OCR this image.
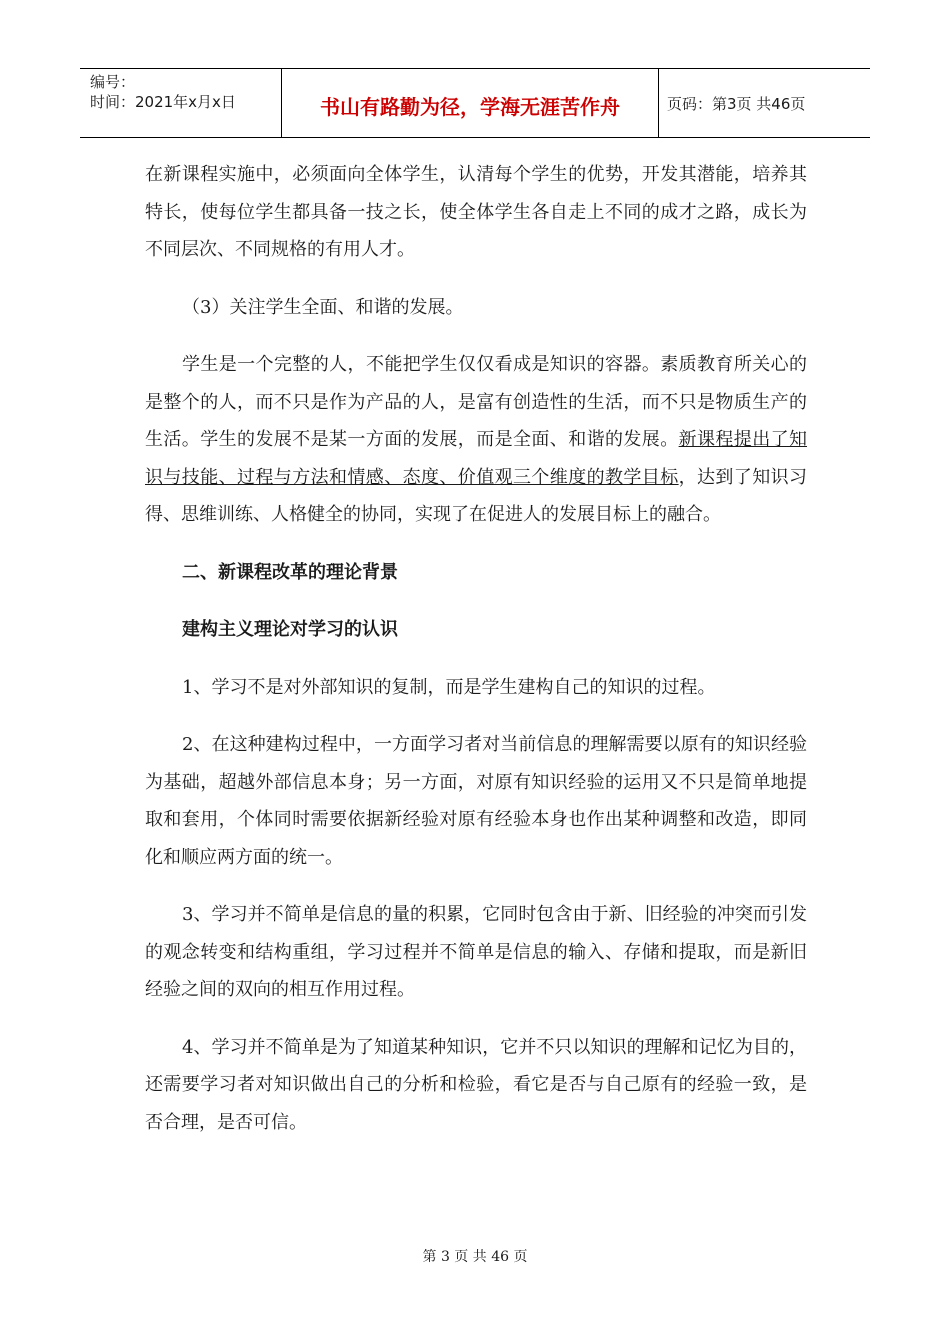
编号：
时间：2021年x月x日	书山有路勤为径，学海无涯苦作舟	页码：第3页 共46页

在新课程实施中，必须面向全体学生，认清每个学生的优势，开发其潜能，培养其特长，使每位学生都具备一技之长，使全体学生各自走上不同的成才之路，成长为不同层次、不同规格的有用人才。

（3）关注学生全面、和谐的发展。

学生是一个完整的人，不能把学生仅仅看成是知识的容器。素质教育所关心的是整个的人，而不只是作为产品的人，是富有创造性的生活，而不只是物质生产的生活。学生的发展不是某一方面的发展，而是全面、和谐的发展。新课程提出了知识与技能、过程与方法和情感、态度、价值观三个维度的教学目标，达到了知识习得、思维训练、人格健全的协同，实现了在促进人的发展目标上的融合。

二、新课程改革的理论背景

建构主义理论对学习的认识

1、学习不是对外部知识的复制，而是学生建构自己的知识的过程。

2、在这种建构过程中，一方面学习者对当前信息的理解需要以原有的知识经验为基础，超越外部信息本身；另一方面，对原有知识经验的运用又不只是简单地提取和套用，个体同时需要依据新经验对原有经验本身也作出某种调整和改造，即同化和顺应两方面的统一。

3、学习并不简单是信息的量的积累，它同时包含由于新、旧经验的冲突而引发的观念转变和结构重组，学习过程并不简单是信息的输入、存储和提取，而是新旧经验之间的双向的相互作用过程。

4、学习并不简单是为了知道某种知识，它并不只以知识的理解和记忆为目的，还需要学习者对知识做出自己的分析和检验，看它是否与自己原有的经验一致，是否合理，是否可信。

第 3 页 共 46 页
